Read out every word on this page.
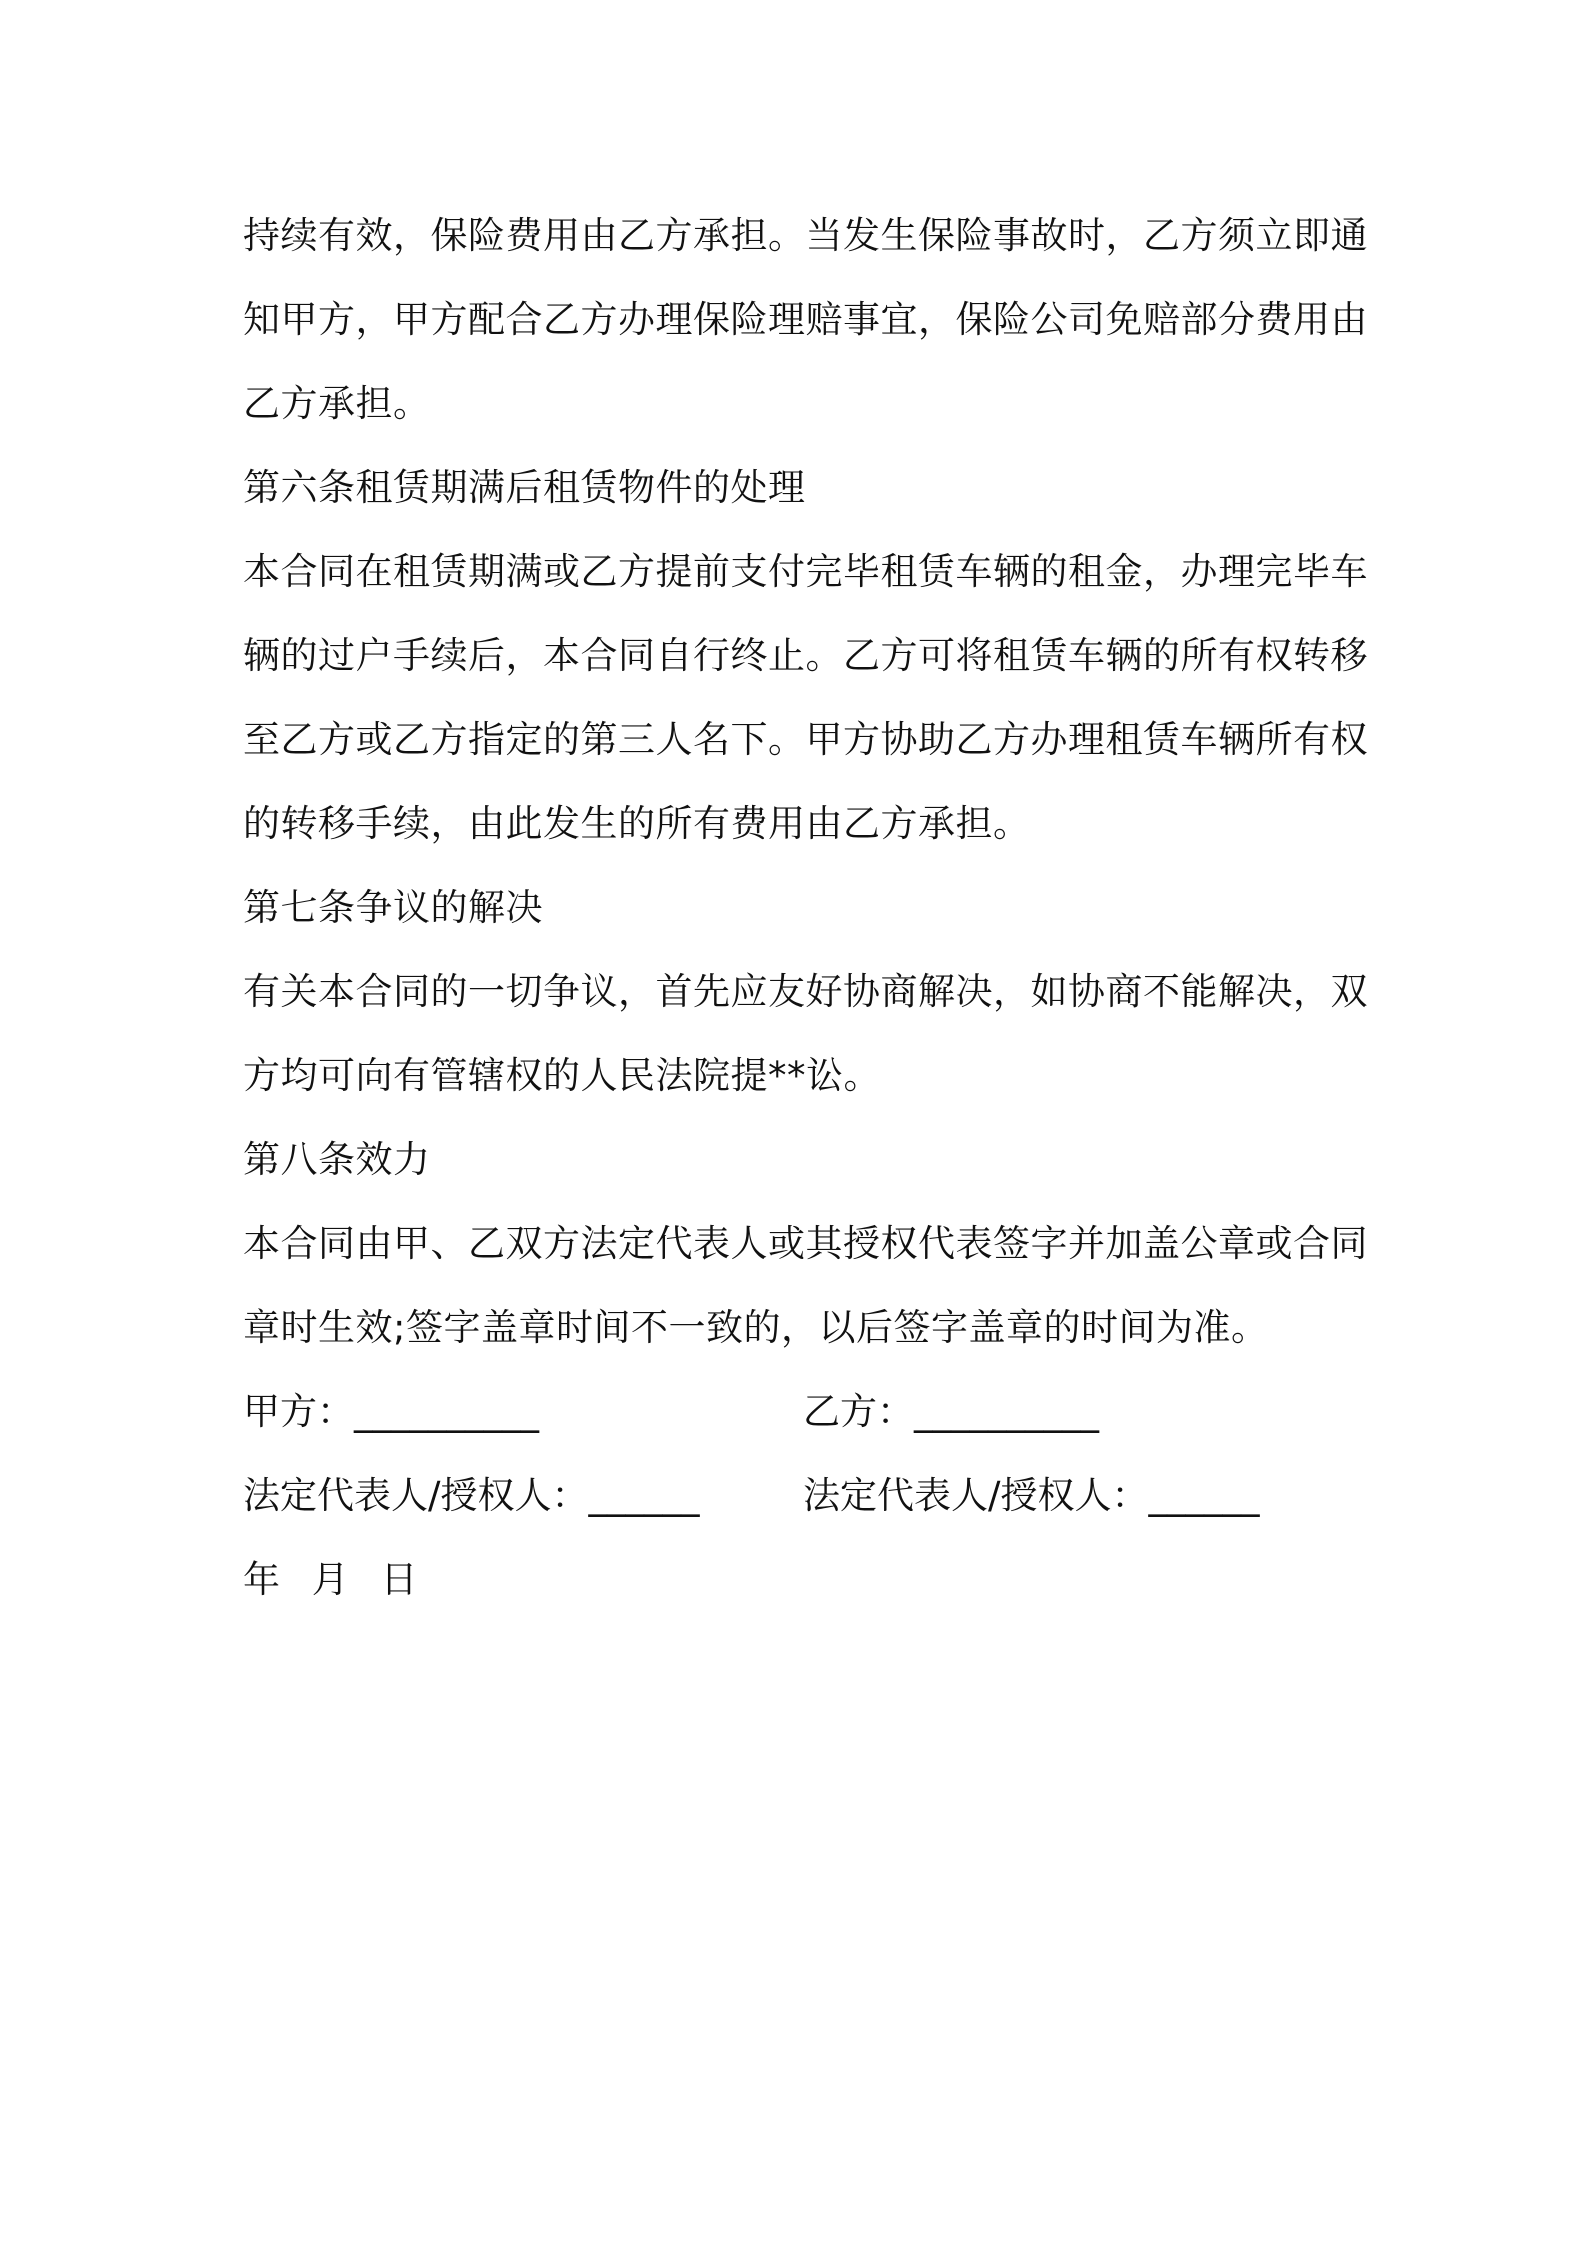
持续有效，保险费用由乙方承担。当发生保险事故时，乙方须立即通
知甲方，甲方配合乙方办理保险理赔事宜，保险公司免赔部分费用由
乙方承担。
第六条租赁期满后租赁物件的处理
本合同在租赁期满或乙方提前支付完毕租赁车辆的租金，办理完毕车
辆的过户手续后，本合同自行终止。乙方可将租赁车辆的所有权转移
至乙方或乙方指定的第三人名下。甲方协助乙方办理租赁车辆所有权
的转移手续，由此发生的所有费用由乙方承担。
第七条争议的解决
有关本合同的一切争议，首先应友好协商解决，如协商不能解决，双
方均可向有管辖权的人民法院提**讼。
第八条效力
本合同由甲、乙双方法定代表人或其授权代表签字并加盖公章或合同
章时生效;签字盖章时间不一致的，以后签字盖章的时间为准。
甲方：__________	乙方：__________
法定代表人/授权人：______	法定代表人/授权人：______
年 月 日
